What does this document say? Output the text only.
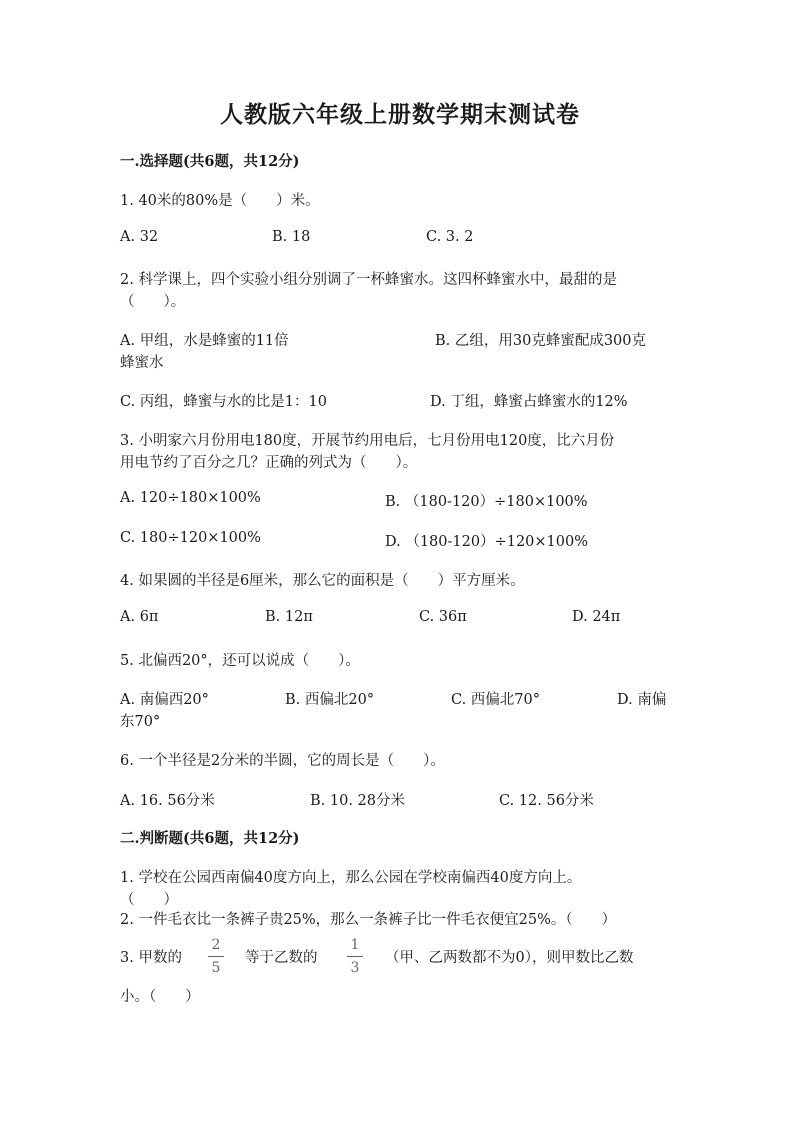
人教版六年级上册数学期末测试卷
一.选择题(共6题，共12分)
1. 40米的80%是（　　）米。
A. 32	B. 18	C. 3. 2
2. 科学课上，四个实验小组分别调了一杯蜂蜜水。这四杯蜂蜜水中，最甜的是
（　　）。
A. 甲组，水是蜂蜜的11倍	B. 乙组，用30克蜂蜜配成300克
蜂蜜水
C. 丙组，蜂蜜与水的比是1：10	D. 丁组，蜂蜜占蜂蜜水的12%
3. 小明家六月份用电180度，开展节约用电后，七月份用电120度，比六月份
用电节约了百分之几？正确的列式为（　　）。
A. 120÷180×100%	B. （180-120）÷180×100%
C. 180÷120×100%	D. （180-120）÷120×100%
4. 如果圆的半径是6厘米，那么它的面积是（　　）平方厘米。
A. 6π	B. 12π	C. 36π	D. 24π
5. 北偏西20°，还可以说成（　　）。
A. 南偏西20°	B. 西偏北20°	C. 西偏北70°	D. 南偏
东70°
6. 一个半径是2分米的半圆，它的周长是（　　）。
A. 16. 56分米	B. 10. 28分米	C. 12. 56分米
二.判断题(共6题，共12分)
1. 学校在公园西南偏40度方向上，那么公园在学校南偏西40度方向上。
（　　）
2. 一件毛衣比一条裤子贵25%，那么一条裤子比一件毛衣便宜25%。（　　）
3. 甲数的
2
5
等于乙数的
1
3
（甲、乙两数都不为0），则甲数比乙数
小。（　　）
